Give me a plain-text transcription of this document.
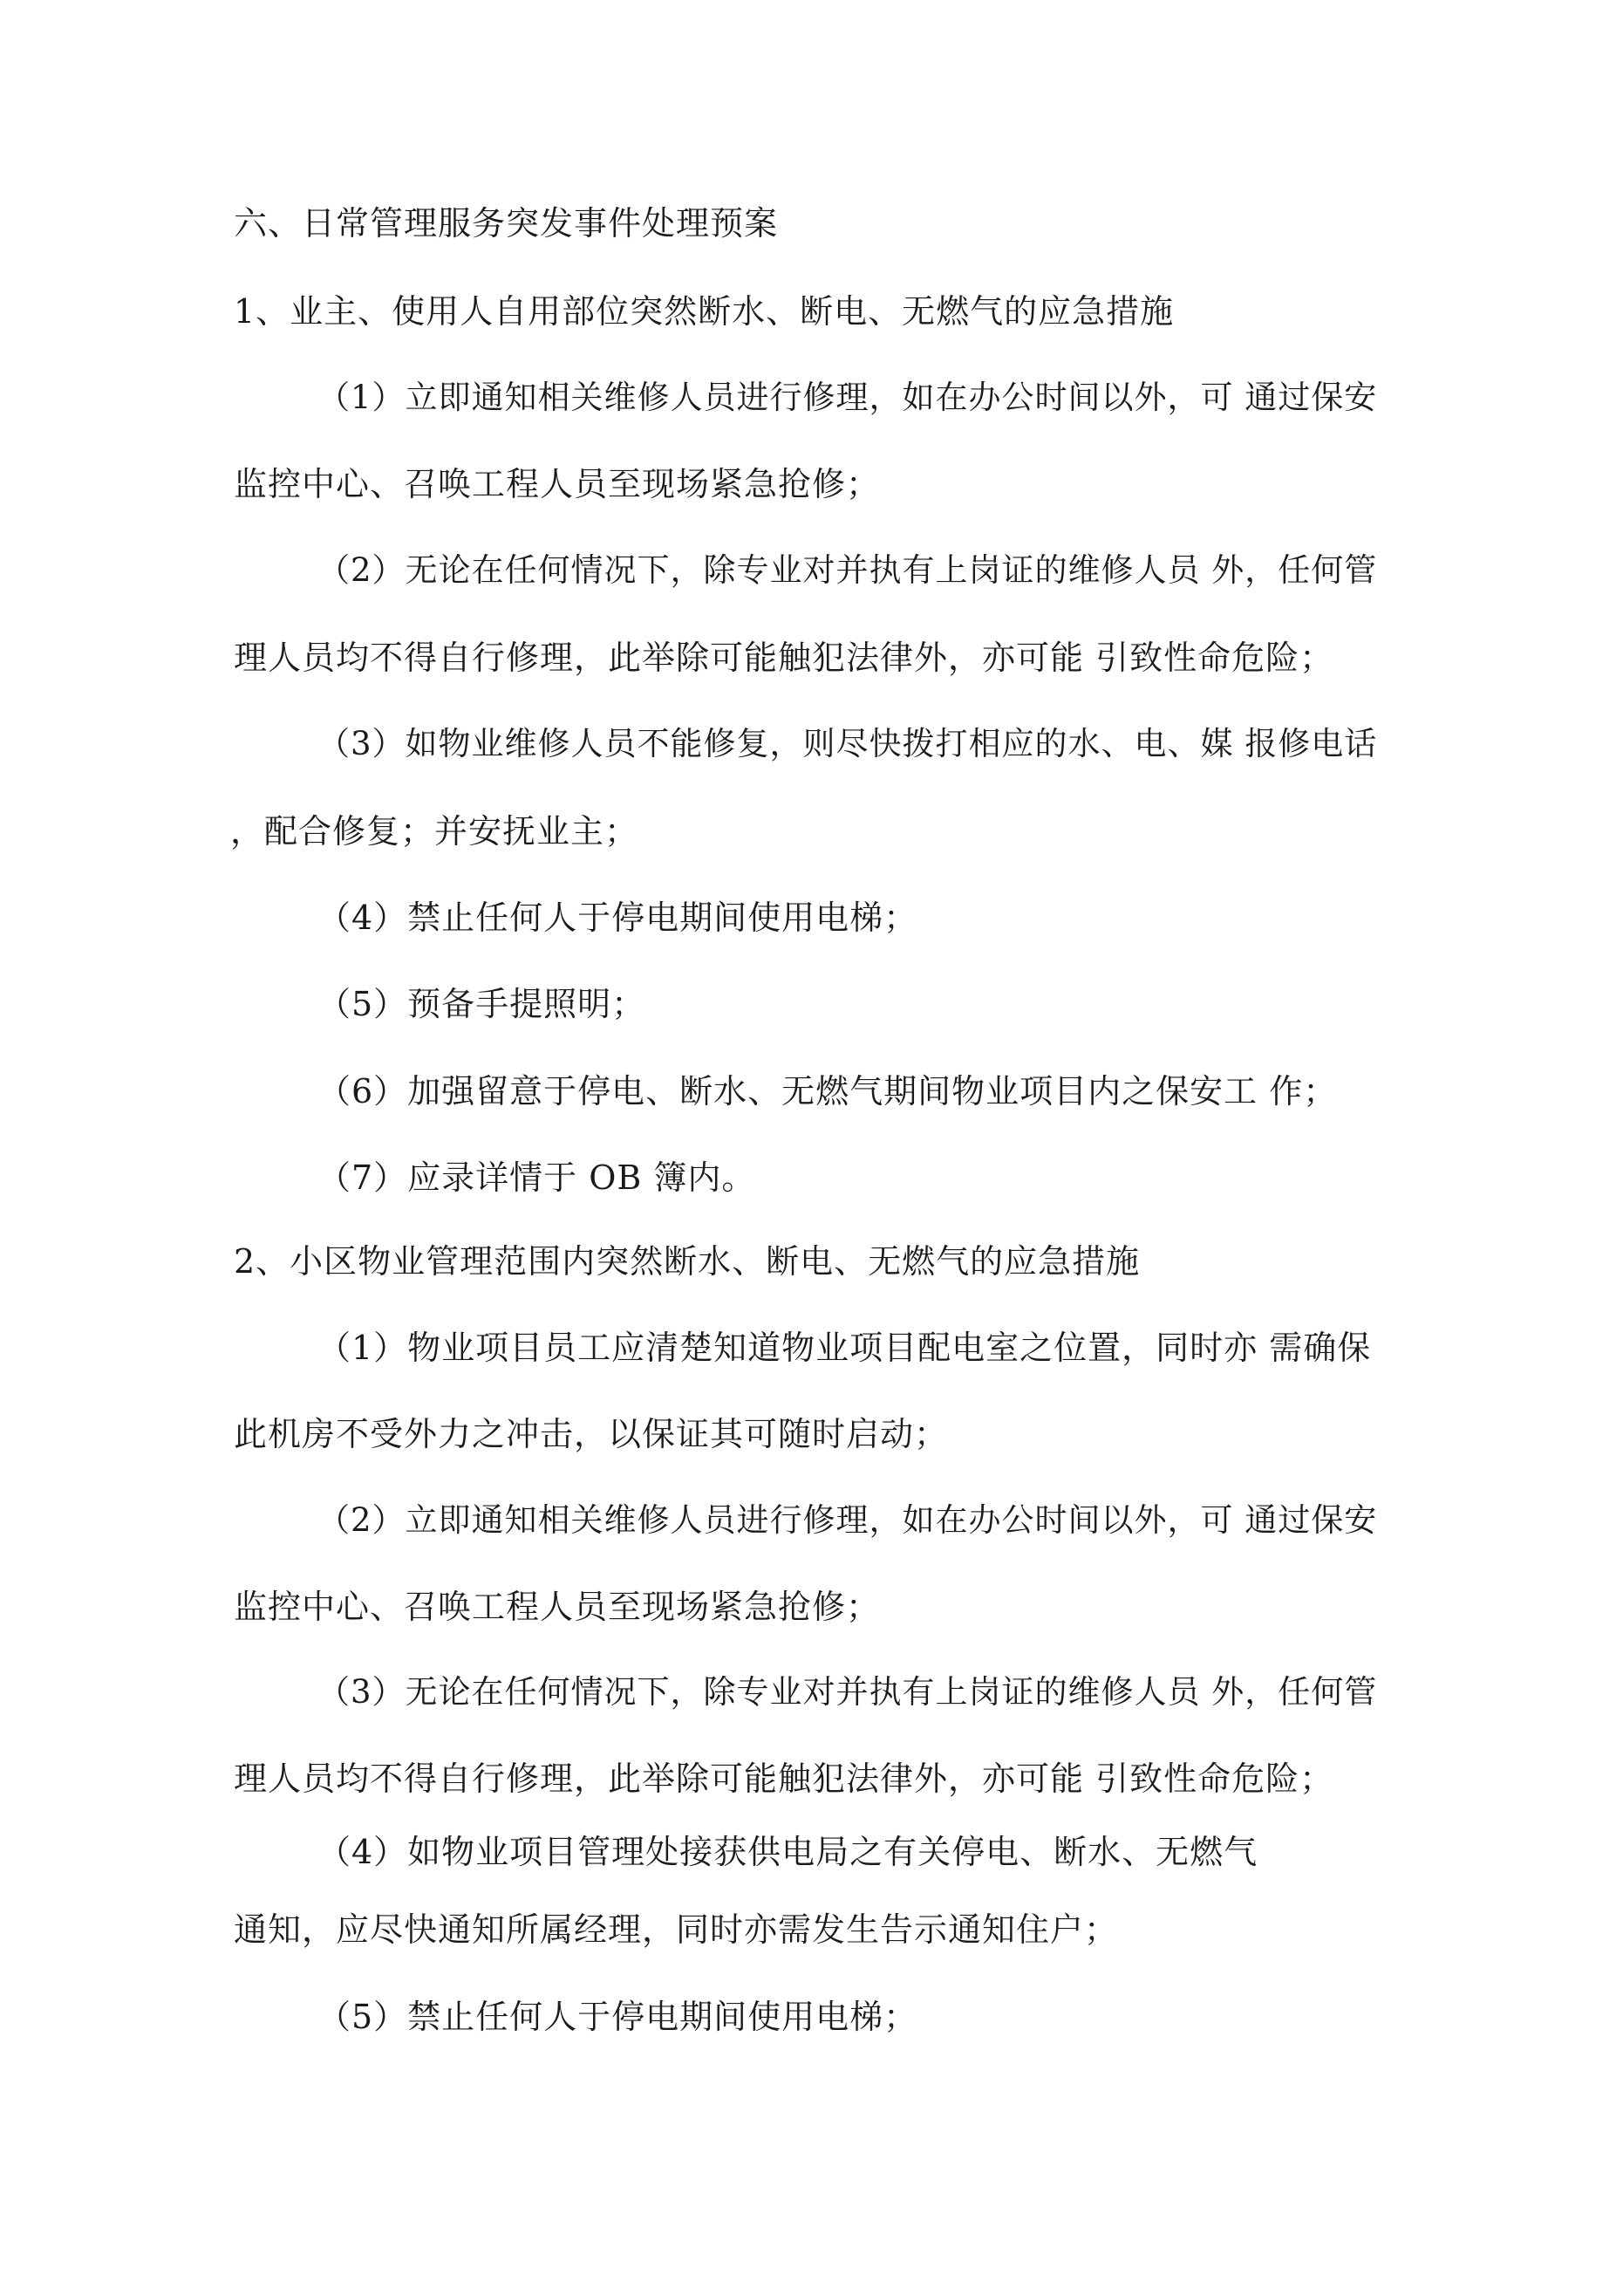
六、日常管理服务突发事件处理预案
1、业主、使用人自用部位突然断水、断电、无燃气的应急措施
（1）立即通知相关维修人员进行修理，如在办公时间以外，可 通过保安
监控中心、召唤工程人员至现场紧急抢修；
（2）无论在任何情况下，除专业对并执有上岗证的维修人员 外，任何管
理人员均不得自行修理，此举除可能触犯法律外，亦可能 引致性命危险；
（3）如物业维修人员不能修复，则尽快拨打相应的水、电、媒 报修电话
，配合修复；并安抚业主；
（4）禁止任何人于停电期间使用电梯；
（5）预备手提照明；
（6）加强留意于停电、断水、无燃气期间物业项目内之保安工 作；
（7）应录详情于 OB 簿内。
2、小区物业管理范围内突然断水、断电、无燃气的应急措施
（1）物业项目员工应清楚知道物业项目配电室之位置，同时亦 需确保
此机房不受外力之冲击，以保证其可随时启动；
（2）立即通知相关维修人员进行修理，如在办公时间以外，可 通过保安
监控中心、召唤工程人员至现场紧急抢修；
（3）无论在任何情况下，除专业对并执有上岗证的维修人员 外，任何管
理人员均不得自行修理，此举除可能触犯法律外，亦可能 引致性命危险；
（4）如物业项目管理处接获供电局之有关停电、断水、无燃气
通知，应尽快通知所属经理，同时亦需发生告示通知住户；
（5）禁止任何人于停电期间使用电梯；
